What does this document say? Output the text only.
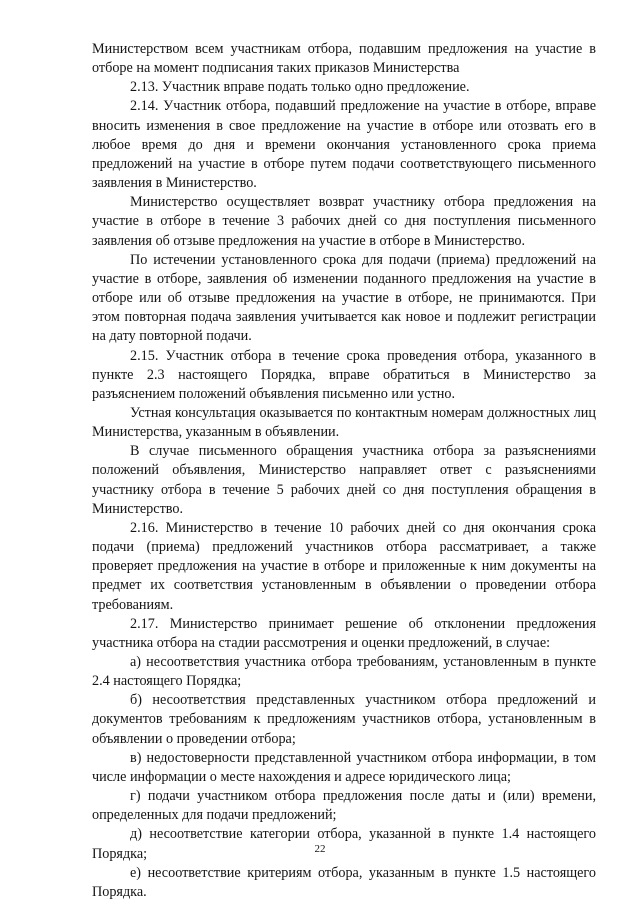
Министерством всем участникам отбора, подавшим предложения на участие в отборе на момент подписания таких приказов Министерства

2.13. Участник вправе подать только одно предложение.

2.14. Участник отбора, подавший предложение на участие в отборе, вправе вносить изменения в свое предложение на участие в отборе или отозвать его в любое время до дня и времени окончания установленного срока приема предложений на участие в отборе путем подачи соответствующего письменного заявления в Министерство.

Министерство осуществляет возврат участнику отбора предложения на участие в отборе в течение 3 рабочих дней со дня поступления письменного заявления об отзыве предложения на участие в отборе в Министерство.

По истечении установленного срока для подачи (приема) предложений на участие в отборе, заявления об изменении поданного предложения на участие в отборе или об отзыве предложения на участие в отборе, не принимаются. При этом повторная подача заявления учитывается как новое и подлежит регистрации на дату повторной подачи.

2.15. Участник отбора в течение срока проведения отбора, указанного в пункте 2.3 настоящего Порядка, вправе обратиться в Министерство за разъяснением положений объявления письменно или устно.

Устная консультация оказывается по контактным номерам должностных лиц Министерства, указанным в объявлении.

В случае письменного обращения участника отбора за разъяснениями положений объявления, Министерство направляет ответ с разъяснениями участнику отбора в течение 5 рабочих дней со дня поступления обращения в Министерство.

2.16. Министерство в течение 10 рабочих дней со дня окончания срока подачи (приема) предложений участников отбора рассматривает, а также проверяет предложения на участие в отборе и приложенные к ним документы на предмет их соответствия установленным в объявлении о проведении отбора требованиям.

2.17. Министерство принимает решение об отклонении предложения участника отбора на стадии рассмотрения и оценки предложений, в случае:

а) несоответствия участника отбора требованиям, установленным в пункте 2.4 настоящего Порядка;

б) несоответствия представленных участником отбора предложений и документов требованиям к предложениям участников отбора, установленным в объявлении о проведении отбора;

в) недостоверности представленной участником отбора информации, в том числе информации о месте нахождения и адресе юридического лица;

г) подачи участником отбора предложения после даты и (или) времени, определенных для подачи предложений;

д) несоответствие категории отбора, указанной в пункте 1.4 настоящего Порядка;

е) несоответствие критериям отбора, указанным в пункте 1.5 настоящего Порядка.

22
